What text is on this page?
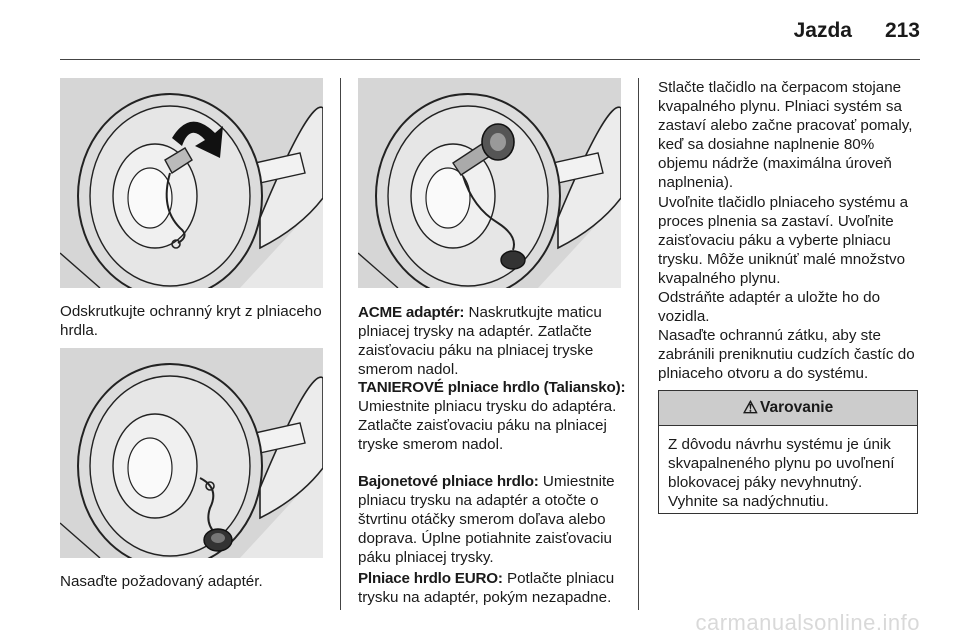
Jazda 213
Odskrutkujte ochranný kryt z plniaceho hrdla.
Nasaďte požadovaný adaptér.

ACME adaptér: Naskrutkujte maticu plniacej trysky na adaptér. Zatlačte zaisťovaciu páku na plniacej tryske smerom nadol.

TANIEROVÉ plniace hrdlo (Taliansko): Umiestnite plniacu trysku do adaptéra. Zatlačte zaisťovaciu páku na plniacej tryske smerom nadol.

Bajonetové plniace hrdlo: Umiestnite plniacu trysku na adaptér a otočte o štvrtinu otáčky smerom doľava alebo doprava. Úplne potiahnite zaisťovaciu páku plniacej trysky.

Plniace hrdlo EURO: Potlačte plniacu trysku na adaptér, pokým nezapadne.

Stlačte tlačidlo na čerpacom stojane kvapalného plynu. Plniaci systém sa zastaví alebo začne pracovať pomaly, keď sa dosiahne naplnenie 80% objemu nádrže (maximálna úroveň naplnenia).

Uvoľnite tlačidlo plniaceho systému a proces plnenia sa zastaví. Uvoľnite zaisťovaciu páku a vyberte plniacu trysku. Môže uniknúť malé množstvo kvapalného plynu.

Odstráňte adaptér a uložte ho do vozidla.

Nasaďte ochrannú zátku, aby ste zabránili preniknutiu cudzích častíc do plniaceho otvoru a do systému.

⚠ Varovanie
Z dôvodu návrhu systému je únik skvapalneného plynu po uvoľnení blokovacej páky nevyhnutný. Vyhnite sa nadýchnutiu.
carmanualsonline.info
